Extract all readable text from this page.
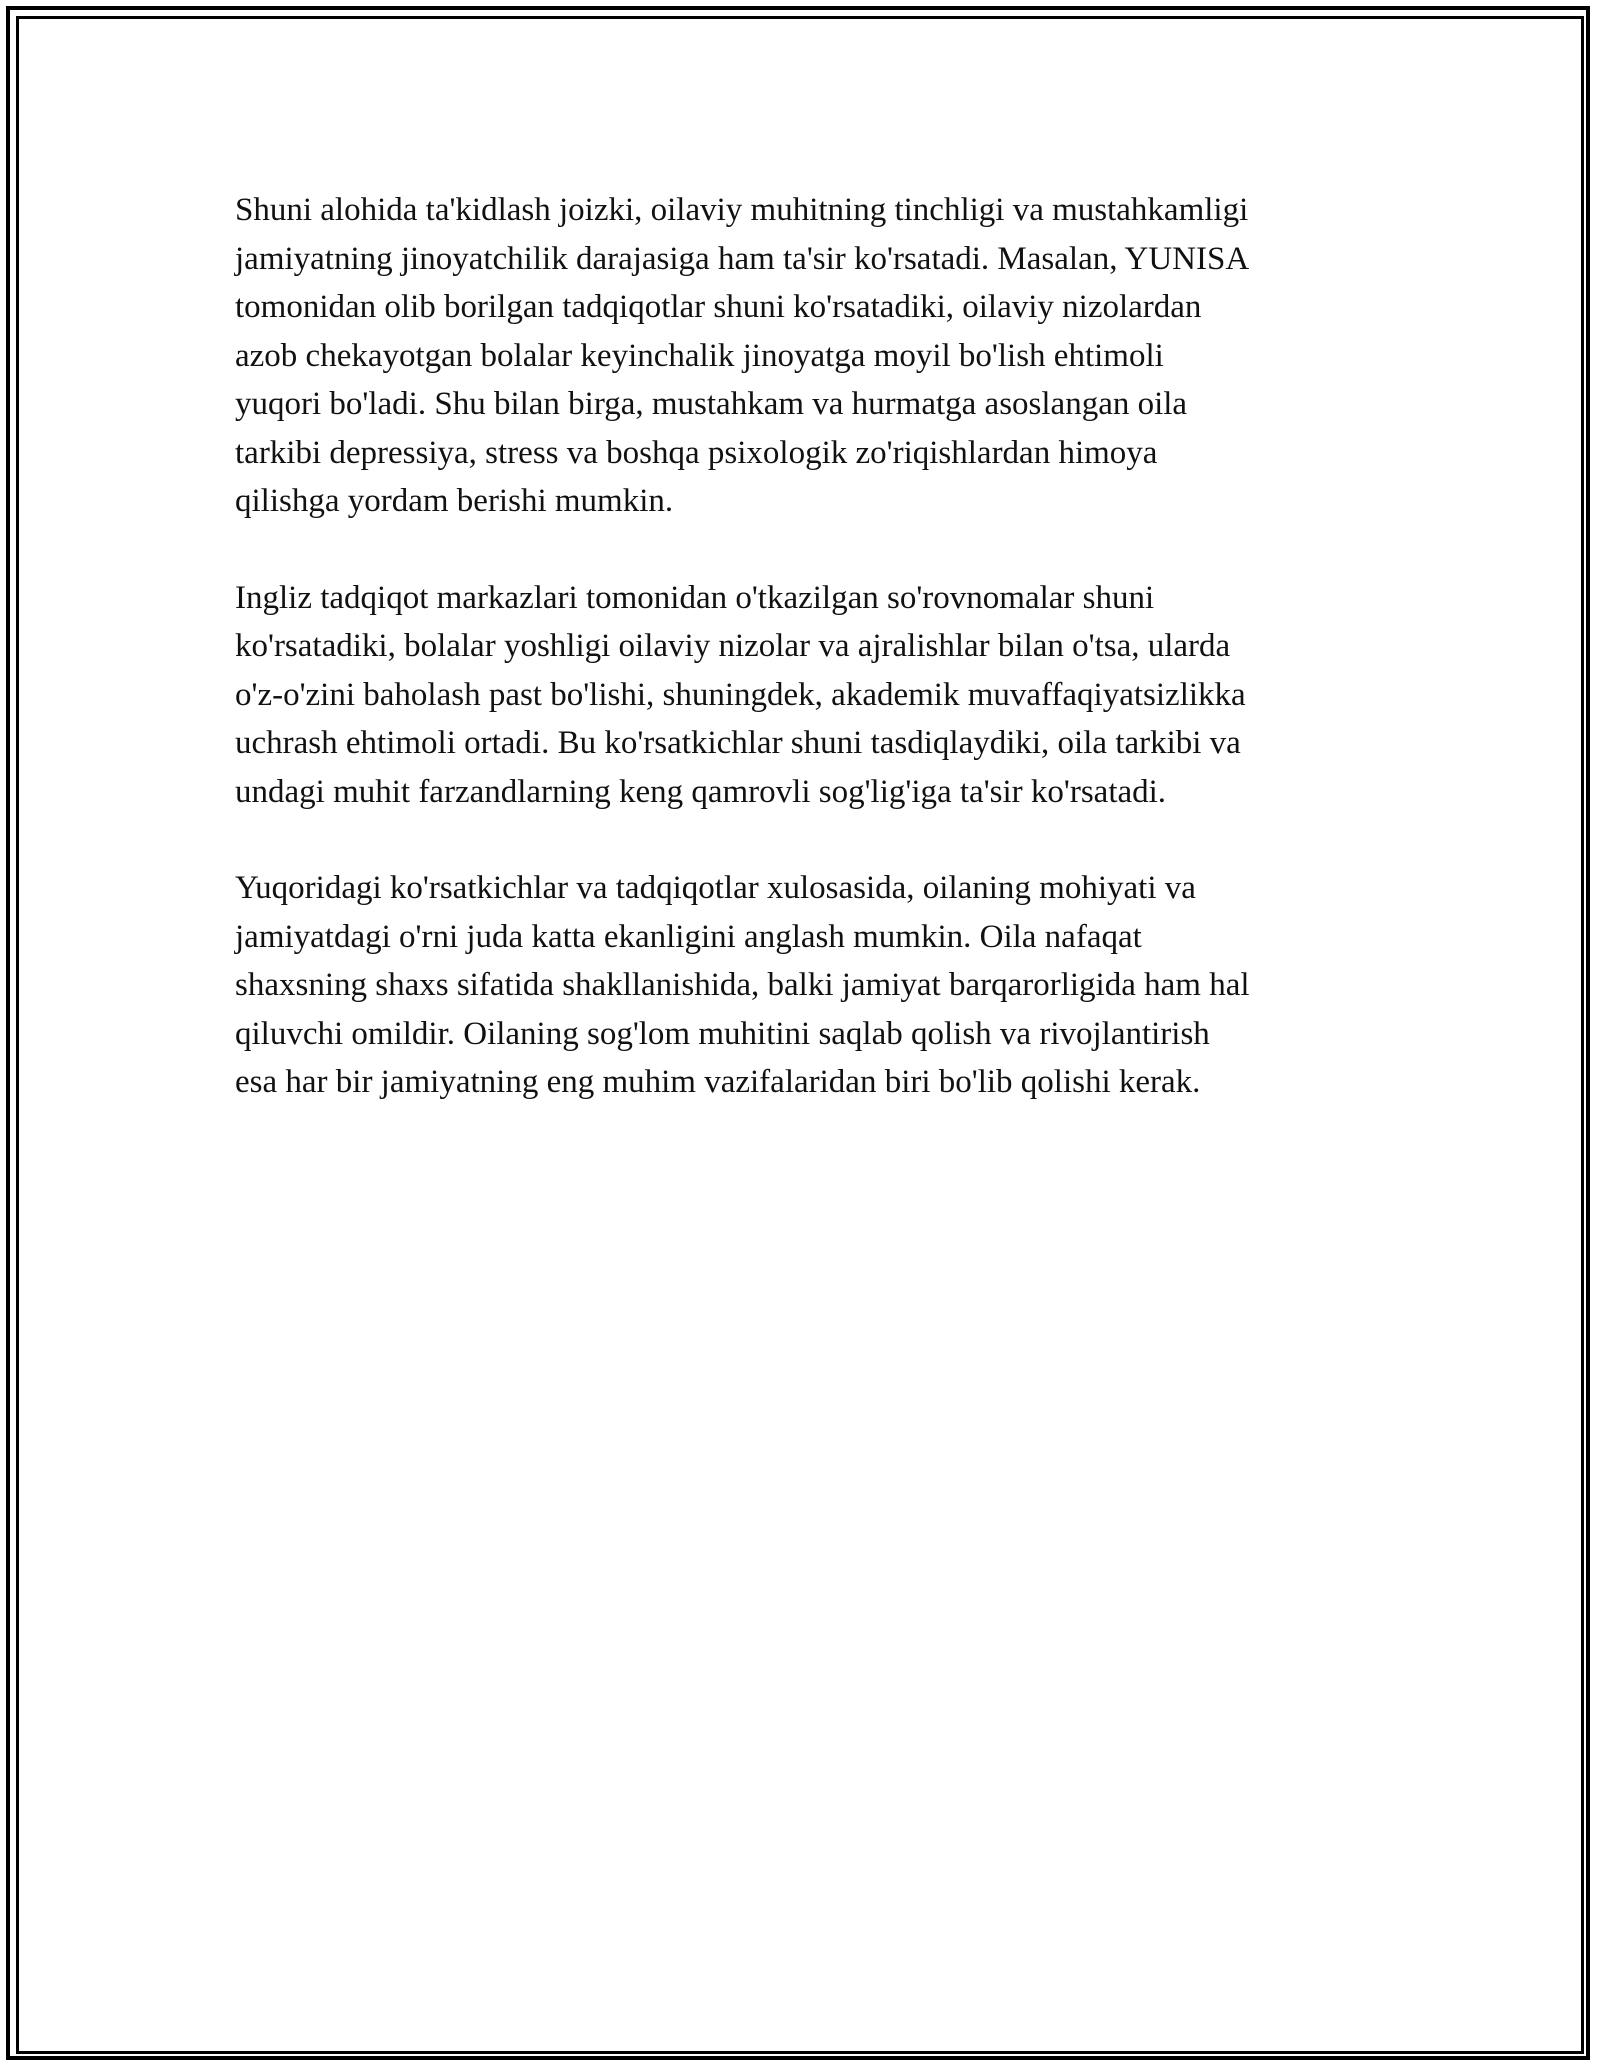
Shuni alohida ta'kidlash joizki, oilaviy muhitning tinchligi va mustahkamligi
jamiyatning jinoyatchilik darajasiga ham ta'sir ko'rsatadi. Masalan, YUNISA
tomonidan olib borilgan tadqiqotlar shuni ko'rsatadiki, oilaviy nizolardan
azob chekayotgan bolalar keyinchalik jinoyatga moyil bo'lish ehtimoli
yuqori bo'ladi. Shu bilan birga, mustahkam va hurmatga asoslangan oila
tarkibi depressiya, stress va boshqa psixologik zo'riqishlardan himoya
qilishga yordam berishi mumkin.

Ingliz tadqiqot markazlari tomonidan o'tkazilgan so'rovnomalar shuni
ko'rsatadiki, bolalar yoshligi oilaviy nizolar va ajralishlar bilan o'tsa, ularda
o'z-o'zini baholash past bo'lishi, shuningdek, akademik muvaffaqiyatsizlikka
uchrash ehtimoli ortadi. Bu ko'rsatkichlar shuni tasdiqlaydiki, oila tarkibi va
undagi muhit farzandlarning keng qamrovli sog'lig'iga ta'sir ko'rsatadi.

Yuqoridagi ko'rsatkichlar va tadqiqotlar xulosasida, oilaning mohiyati va
jamiyatdagi o'rni juda katta ekanligini anglash mumkin. Oila nafaqat
shaxsning shaxs sifatida shakllanishida, balki jamiyat barqarorligida ham hal
qiluvchi omildir. Oilaning sog'lom muhitini saqlab qolish va rivojlantirish
esa har bir jamiyatning eng muhim vazifalaridan biri bo'lib qolishi kerak.
